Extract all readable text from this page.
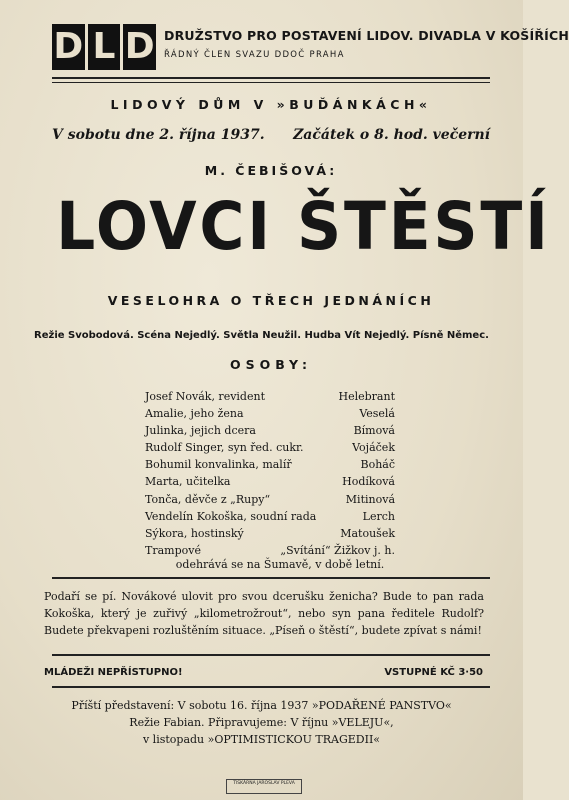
D L D DRUŽSTVO PRO POSTAVENÍ LIDOV. DIVADLA V KOŠÍŘÍCH
ŘÁDNÝ ČLEN SVAZU DDOČ PRAHA
LIDOVÝ DŮM V »BUĎÁNKÁCH«
V sobotu dne 2. října 1937. Začátek o 8. hod. večerní
M. ČEBIŠOVÁ:
LOVCI ŠTĚSTÍ
VESELOHRA O TŘECH JEDNÁNÍCH
Režie Svobodová. Scéna Nejedlý. Světla Neužil. Hudba Vít Nejedlý. Písně Němec.
OSOBY:
Josef Novák, revident	Helebrant
Amalie, jeho žena	Veselá
Julinka, jejich dcera	Bímová
Rudolf Singer, syn řed. cukr.	Vojáček
Bohumil konvalinka, malíř	Boháč
Marta, učitelka	Hodíková
Tonča, děvče z „Rupy“	Mitinová
Vendelín Kokoška, soudní rada	Lerch
Sýkora, hostinský	Matoušek
Trampové	„Svítání“ Žižkov j. h.
odehrává se na Šumavě, v době letní.
Podaří se pí. Novákové ulovit pro svou dcerušku ženicha? Bude to pan rada Kokoška, který je zuřivý „kilometrožrout“, nebo syn pana ředitele Rudolf? Budete překvapeni rozluštěním situace. „Píseň o štěstí“, budete zpívat s námi!
MLÁDEŽI NEPŘÍSTUPNO!	VSTUPNÉ KČ 3·50
Příští představení: V sobotu 16. října 1937 »PODAŘENÉ PANSTVO«
Režie Fabian. Připravujeme: V říjnu »VELEJU«,
v listopadu »OPTIMISTICKOU TRAGEDII«
TISKÁRNA JAROSLAV PLEVA
